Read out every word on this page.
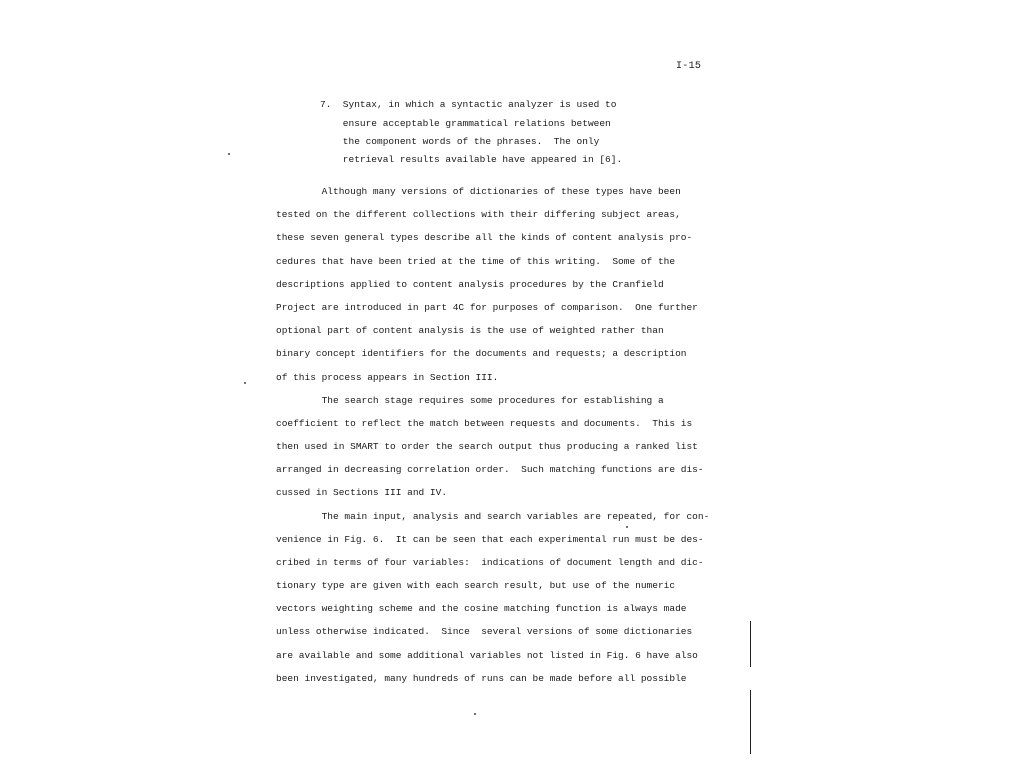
I-15
7.  Syntax, in which a syntactic analyzer is used to
ensure acceptable grammatical relations between
the component words of the phrases.  The only
retrieval results available have appeared in [6].
Although many versions of dictionaries of these types have been
tested on the different collections with their differing subject areas,
these seven general types describe all the kinds of content analysis pro-
cedures that have been tried at the time of this writing.  Some of the
descriptions applied to content analysis procedures by the Cranfield
Project are introduced in part 4C for purposes of comparison.  One further
optional part of content analysis is the use of weighted rather than
binary concept identifiers for the documents and requests; a description
of this process appears in Section III.
The search stage requires some procedures for establishing a
coefficient to reflect the match between requests and documents.  This is
then used in SMART to order the search output thus producing a ranked list
arranged in decreasing correlation order.  Such matching functions are dis-
cussed in Sections III and IV.
The main input, analysis and search variables are repeated, for con-
venience in Fig. 6.  It can be seen that each experimental run must be des-
cribed in terms of four variables:  indications of document length and dic-
tionary type are given with each search result, but use of the numeric
vectors weighting scheme and the cosine matching function is always made
unless otherwise indicated.  Since  several versions of some dictionaries
are available and some additional variables not listed in Fig. 6 have also
been investigated, many hundreds of runs can be made before all possible
